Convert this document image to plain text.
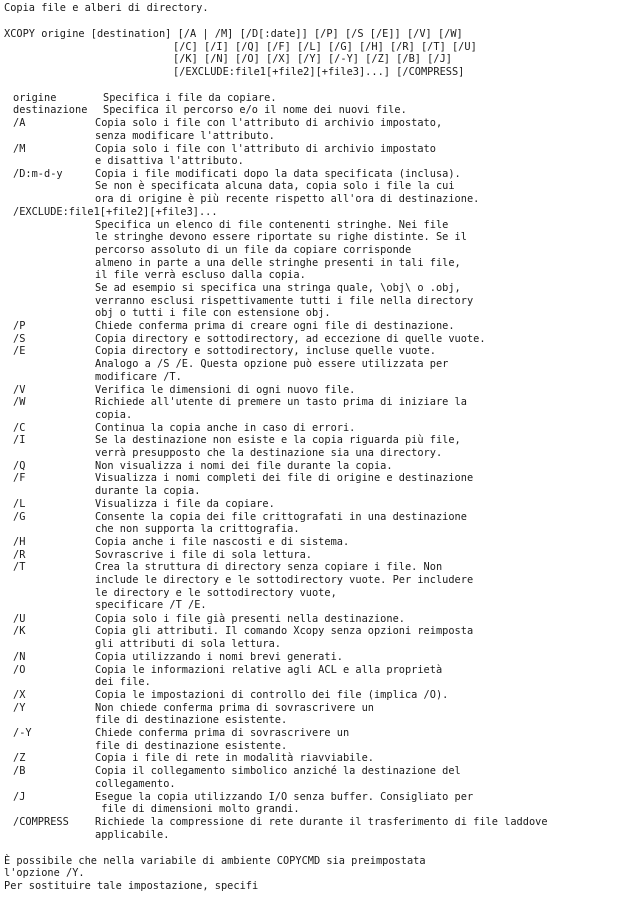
Copia file e alberi di directory.
XCOPY origine [destination] [/A | /M] [/D[:date]] [/P] [/S [/E]] [/V] [/W]
[/C] [/I] [/Q] [/F] [/L] [/G] [/H] [/R] [/T] [/U]
[/K] [/N] [/O] [/X] [/Y] [/-Y] [/Z] [/B] [/J]
[/EXCLUDE:file1[+file2][+file3]...] [/COMPRESS]
origine	Specifica i file da copiare.
destinazione Specifica il percorso e/o il nome dei nuovi file.
/A	Copia solo i file con l'attributo di archivio impostato,
senza modificare l'attributo.
/M	Copia solo i file con l'attributo di archivio impostato
e disattiva l'attributo.
/D:m-d-y	Copia i file modificati dopo la data specificata (inclusa).
Se non è specificata alcuna data, copia solo i file la cui
ora di origine è più recente rispetto all'ora di destinazione.
/EXCLUDE:file1[+file2][+file3]...
Specifica un elenco di file contenenti stringhe. Nei file
le stringhe devono essere riportate su righe distinte. Se il
percorso assoluto di un file da copiare corrisponde
almeno in parte a una delle stringhe presenti in tali file,
il file verrà escluso dalla copia.
Se ad esempio si specifica una stringa quale, \obj\ o .obj,
verranno esclusi rispettivamente tutti i file nella directory
obj o tutti i file con estensione obj.
/P	Chiede conferma prima di creare ogni file di destinazione.
/S	Copia directory e sottodirectory, ad eccezione di quelle vuote.
/E	Copia directory e sottodirectory, incluse quelle vuote.
Analogo a /S /E. Questa opzione può essere utilizzata per
modificare /T.
/V	Verifica le dimensioni di ogni nuovo file.
/W	Richiede all'utente di premere un tasto prima di iniziare la
copia.
/C	Continua la copia anche in caso di errori.
/I	Se la destinazione non esiste e la copia riguarda più file,
verrà presupposto che la destinazione sia una directory.
/Q	Non visualizza i nomi dei file durante la copia.
/F	Visualizza i nomi completi dei file di origine e destinazione
durante la copia.
/L	Visualizza i file da copiare.
/G	Consente la copia dei file crittografati in una destinazione
che non supporta la crittografia.
/H	Copia anche i file nascosti e di sistema.
/R	Sovrascrive i file di sola lettura.
/T	Crea la struttura di directory senza copiare i file. Non
include le directory e le sottodirectory vuote. Per includere
le directory e le sottodirectory vuote,
specificare /T /E.
/U	Copia solo i file già presenti nella destinazione.
/K	Copia gli attributi. Il comando Xcopy senza opzioni reimposta
gli attributi di sola lettura.
/N	Copia utilizzando i nomi brevi generati.
/O	Copia le informazioni relative agli ACL e alla proprietà
dei file.
/X	Copia le impostazioni di controllo dei file (implica /O).
/Y	Non chiede conferma prima di sovrascrivere un
file di destinazione esistente.
/-Y	Chiede conferma prima di sovrascrivere un
file di destinazione esistente.
/Z	Copia i file di rete in modalità riavviabile.
/B	Copia il collegamento simbolico anziché la destinazione del
collegamento.
/J	Esegue la copia utilizzando I/O senza buffer. Consigliato per
file di dimensioni molto grandi.
/COMPRESS	Richiede la compressione di rete durante il trasferimento di file laddove
applicabile.
È possibile che nella variabile di ambiente COPYCMD sia preimpostata
l'opzione /Y.
Per sostituire tale impostazione, specifi
